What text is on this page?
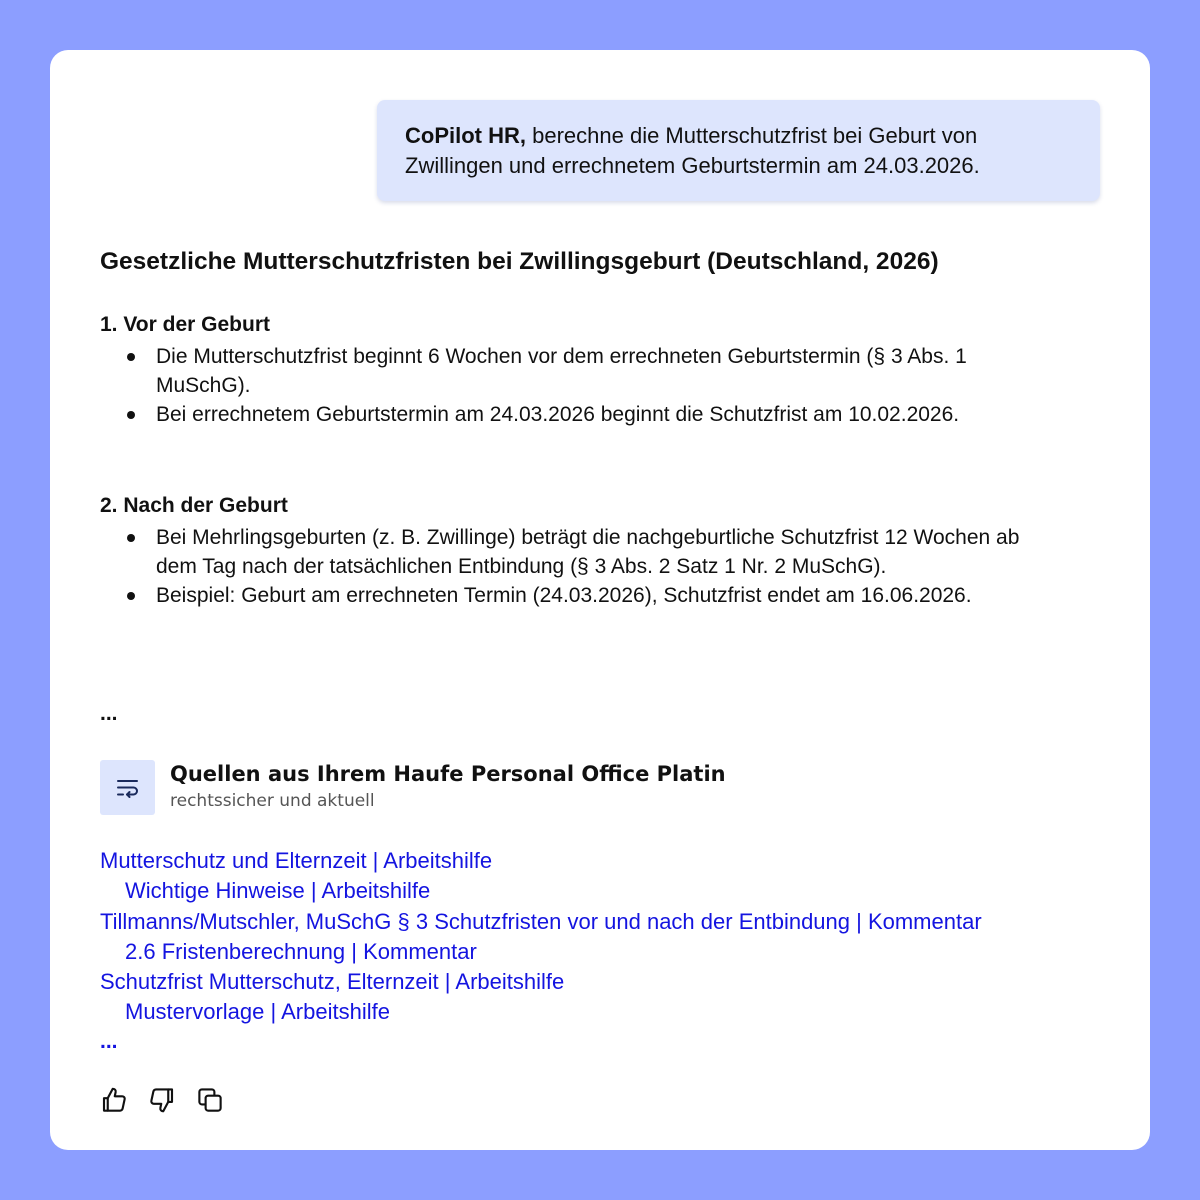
CoPilot HR, berechne die Mutterschutzfrist bei Geburt von Zwillingen und errechnetem Geburtstermin am 24.03.2026.
Gesetzliche Mutterschutzfristen bei Zwillingsgeburt (Deutschland, 2026)
1. Vor der Geburt
Die Mutterschutzfrist beginnt 6 Wochen vor dem errechneten Geburtstermin (§ 3 Abs. 1 MuSchG).
Bei errechnetem Geburtstermin am 24.03.2026 beginnt die Schutzfrist am 10.02.2026.
2. Nach der Geburt
Bei Mehrlingsgeburten (z. B. Zwillinge) beträgt die nachgeburtliche Schutzfrist 12 Wochen ab dem Tag nach der tatsächlichen Entbindung (§ 3 Abs. 2 Satz 1 Nr. 2 MuSchG).
Beispiel: Geburt am errechneten Termin (24.03.2026), Schutzfrist endet am 16.06.2026.
...
Quellen aus Ihrem Haufe Personal Office Platin
rechtssicher und aktuell
Mutterschutz und Elternzeit | Arbeitshilfe
Wichtige Hinweise | Arbeitshilfe
Tillmanns/Mutschler, MuSchG § 3 Schutzfristen vor und nach der Entbindung | Kommentar
2.6 Fristenberechnung | Kommentar
Schutzfrist Mutterschutz, Elternzeit | Arbeitshilfe
Mustervorlage | Arbeitshilfe
...
